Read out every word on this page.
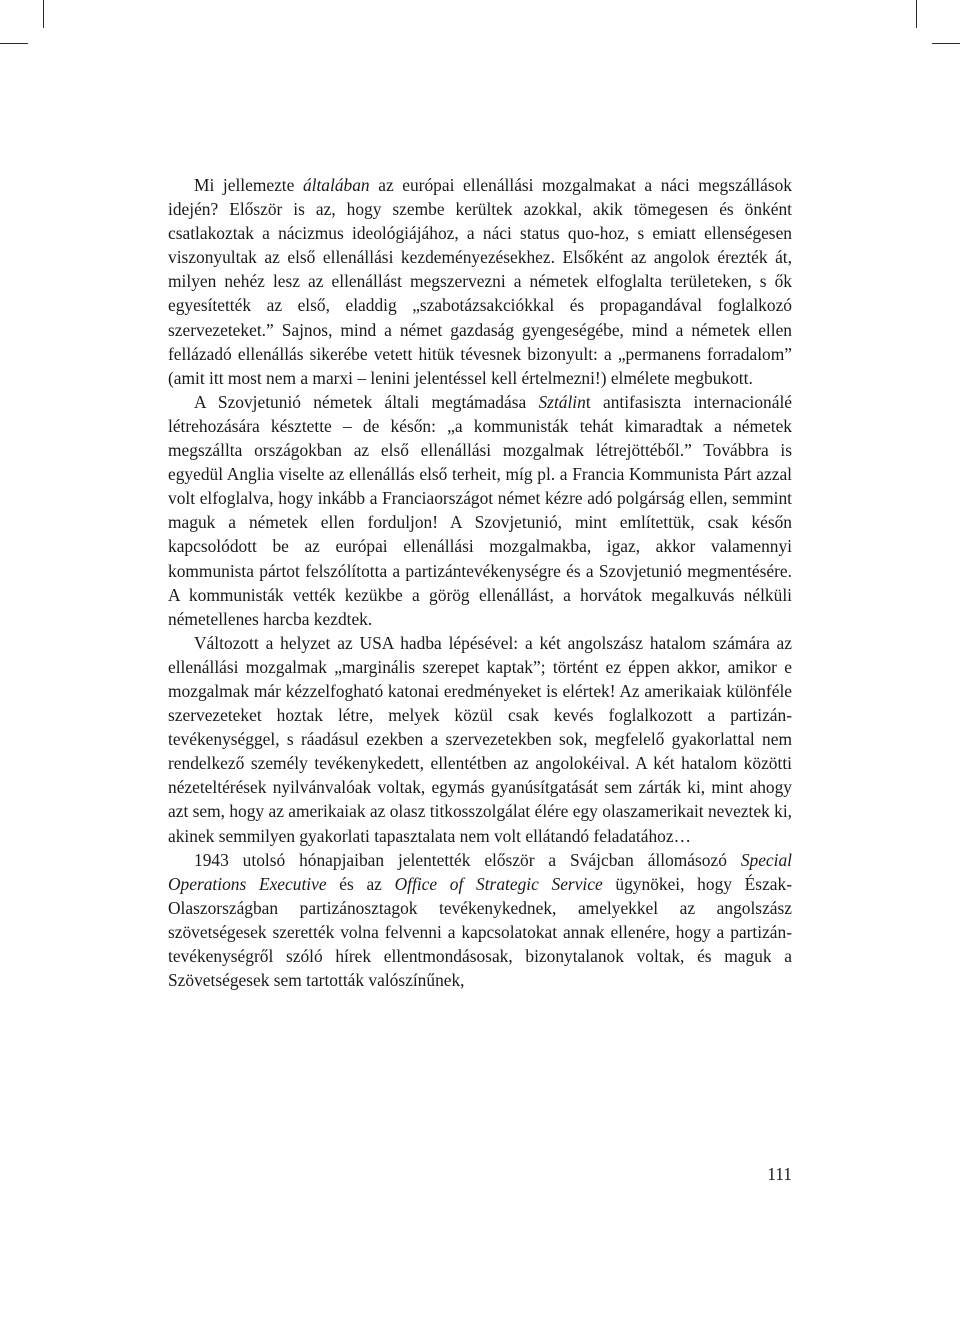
Mi jellemezte általában az európai ellenállási mozgalmakat a náci megszállások idején? Először is az, hogy szembe kerültek azokkal, akik tömegesen és önként csatlakoztak a nácizmus ideológiájához, a náci status quo-hoz, s emiatt ellenségesen viszonyultak az első ellenállási kezdeményezésekhez. Elsőként az angolok érezték át, milyen nehéz lesz az ellenállást megszervezni a németek elfoglalta területeken, s ők egyesítették az első, eladdig „szabotázsakciókkal és propagandával foglalkozó szervezeteket.” Sajnos, mind a német gazdaság gyengeségébe, mind a németek ellen fellázadó ellenállás sikerébe vetett hitük tévesnek bizonyult: a „permanens forradalom” (amit itt most nem a marxi – lenini jelentéssel kell értelmezni!) elmélete megbukott.

A Szovjetunió németek általi megtámadása Sztálint antifasiszta internacionálé létrehozására késztette – de későn: „a kommunisták tehát kimaradtak a németek megszállta országokban az első ellenállási mozgalmak létrejöttéből.” Továbbra is egyedül Anglia viselte az ellenállás első terheit, míg pl. a Francia Kommunista Párt azzal volt elfoglalva, hogy inkább a Franciaországot német kézre adó polgárság ellen, semmint maguk a németek ellen forduljon! A Szovjetunió, mint említettük, csak későn kapcsolódott be az európai ellenállási mozgalmakba, igaz, akkor valamennyi kommunista pártot felszólította a partizántevékenységre és a Szovjetunió megmentésére. A kommunisták vették kezükbe a görög ellenállást, a horvátok megalkuvás nélküli németellenes harcba kezdtek.

Változott a helyzet az USA hadba lépésével: a két angolszász hatalom számára az ellenállási mozgalmak „marginális szerepet kaptak”; történt ez éppen akkor, amikor e mozgalmak már kézzelfogható katonai eredményeket is elértek! Az amerikaiak különféle szervezeteket hoztak létre, melyek közül csak kevés foglalkozott a partizán-tevékenységgel, s ráadásul ezekben a szervezetekben sok, megfelelő gyakorlattal nem rendelkező személy tevékenykedett, ellentétben az angolokéival. A két hatalom közötti nézeteltérések nyilvánvalóak voltak, egymás gyanúsítgatását sem zárták ki, mint ahogy azt sem, hogy az amerikaiak az olasz titkosszolgálat élére egy olaszamerikait neveztek ki, akinek semmilyen gyakorlati tapasztalata nem volt ellátandó feladatához…

1943 utolsó hónapjaiban jelentették először a Svájcban állomásozó Special Operations Executive és az Office of Strategic Service ügynökei, hogy Észak-Olaszországban partizánosztagok tevékenykednek, amelyekkel az angolszász szövetségesek szerették volna felvenni a kapcsolatokat annak ellenére, hogy a partizán-tevékenységről szóló hírek ellentmondásosak, bizonytalanok voltak, és maguk a Szövetségesek sem tartották valószínűnek,

111
